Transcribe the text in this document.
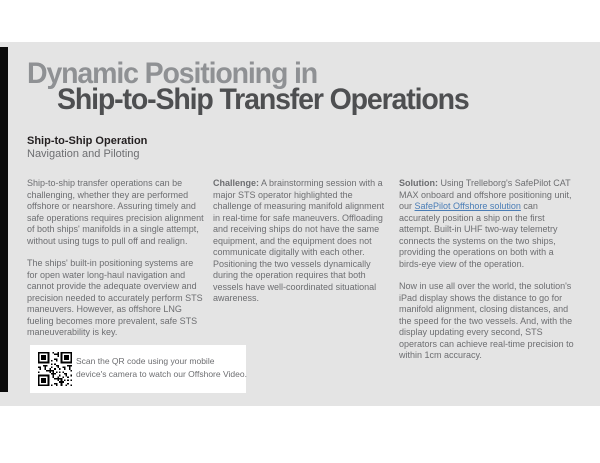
Dynamic Positioning in
Ship-to-Ship Transfer Operations
Ship-to-Ship Operation
Navigation and Piloting

Ship-to-ship transfer operations can be challenging, whether they are performed offshore or nearshore. Assuring timely and safe operations requires precision alignment of both ships' manifolds in a single attempt, without using tugs to pull off and realign.

The ships' built-in positioning systems are for open water long-haul navigation and cannot provide the adequate overview and precision needed to accurately perform STS maneuvers. However, as offshore LNG fueling becomes more prevalent, safe STS maneuverability is key.

Challenge: A brainstorming session with a major STS operator highlighted the challenge of measuring manifold alignment in real-time for safe maneuvers. Offloading and receiving ships do not have the same equipment, and the equipment does not communicate digitally with each other. Positioning the two vessels dynamically during the operation requires that both vessels have well-coordinated situational awareness.

Solution: Using Trelleborg's SafePilot CAT MAX onboard and offshore positioning unit, our SafePilot Offshore solution can accurately position a ship on the first attempt. Built-in UHF two-way telemetry connects the systems on the two ships, providing the operations on both with a birds-eye view of the operation.

Now in use all over the world, the solution's iPad display shows the distance to go for manifold alignment, closing distances, and the speed for the two vessels. And, with the display updating every second, STS operators can achieve real-time precision to within 1cm accuracy.

Scan the QR code using your mobile
device's camera to watch our Offshore Video.
